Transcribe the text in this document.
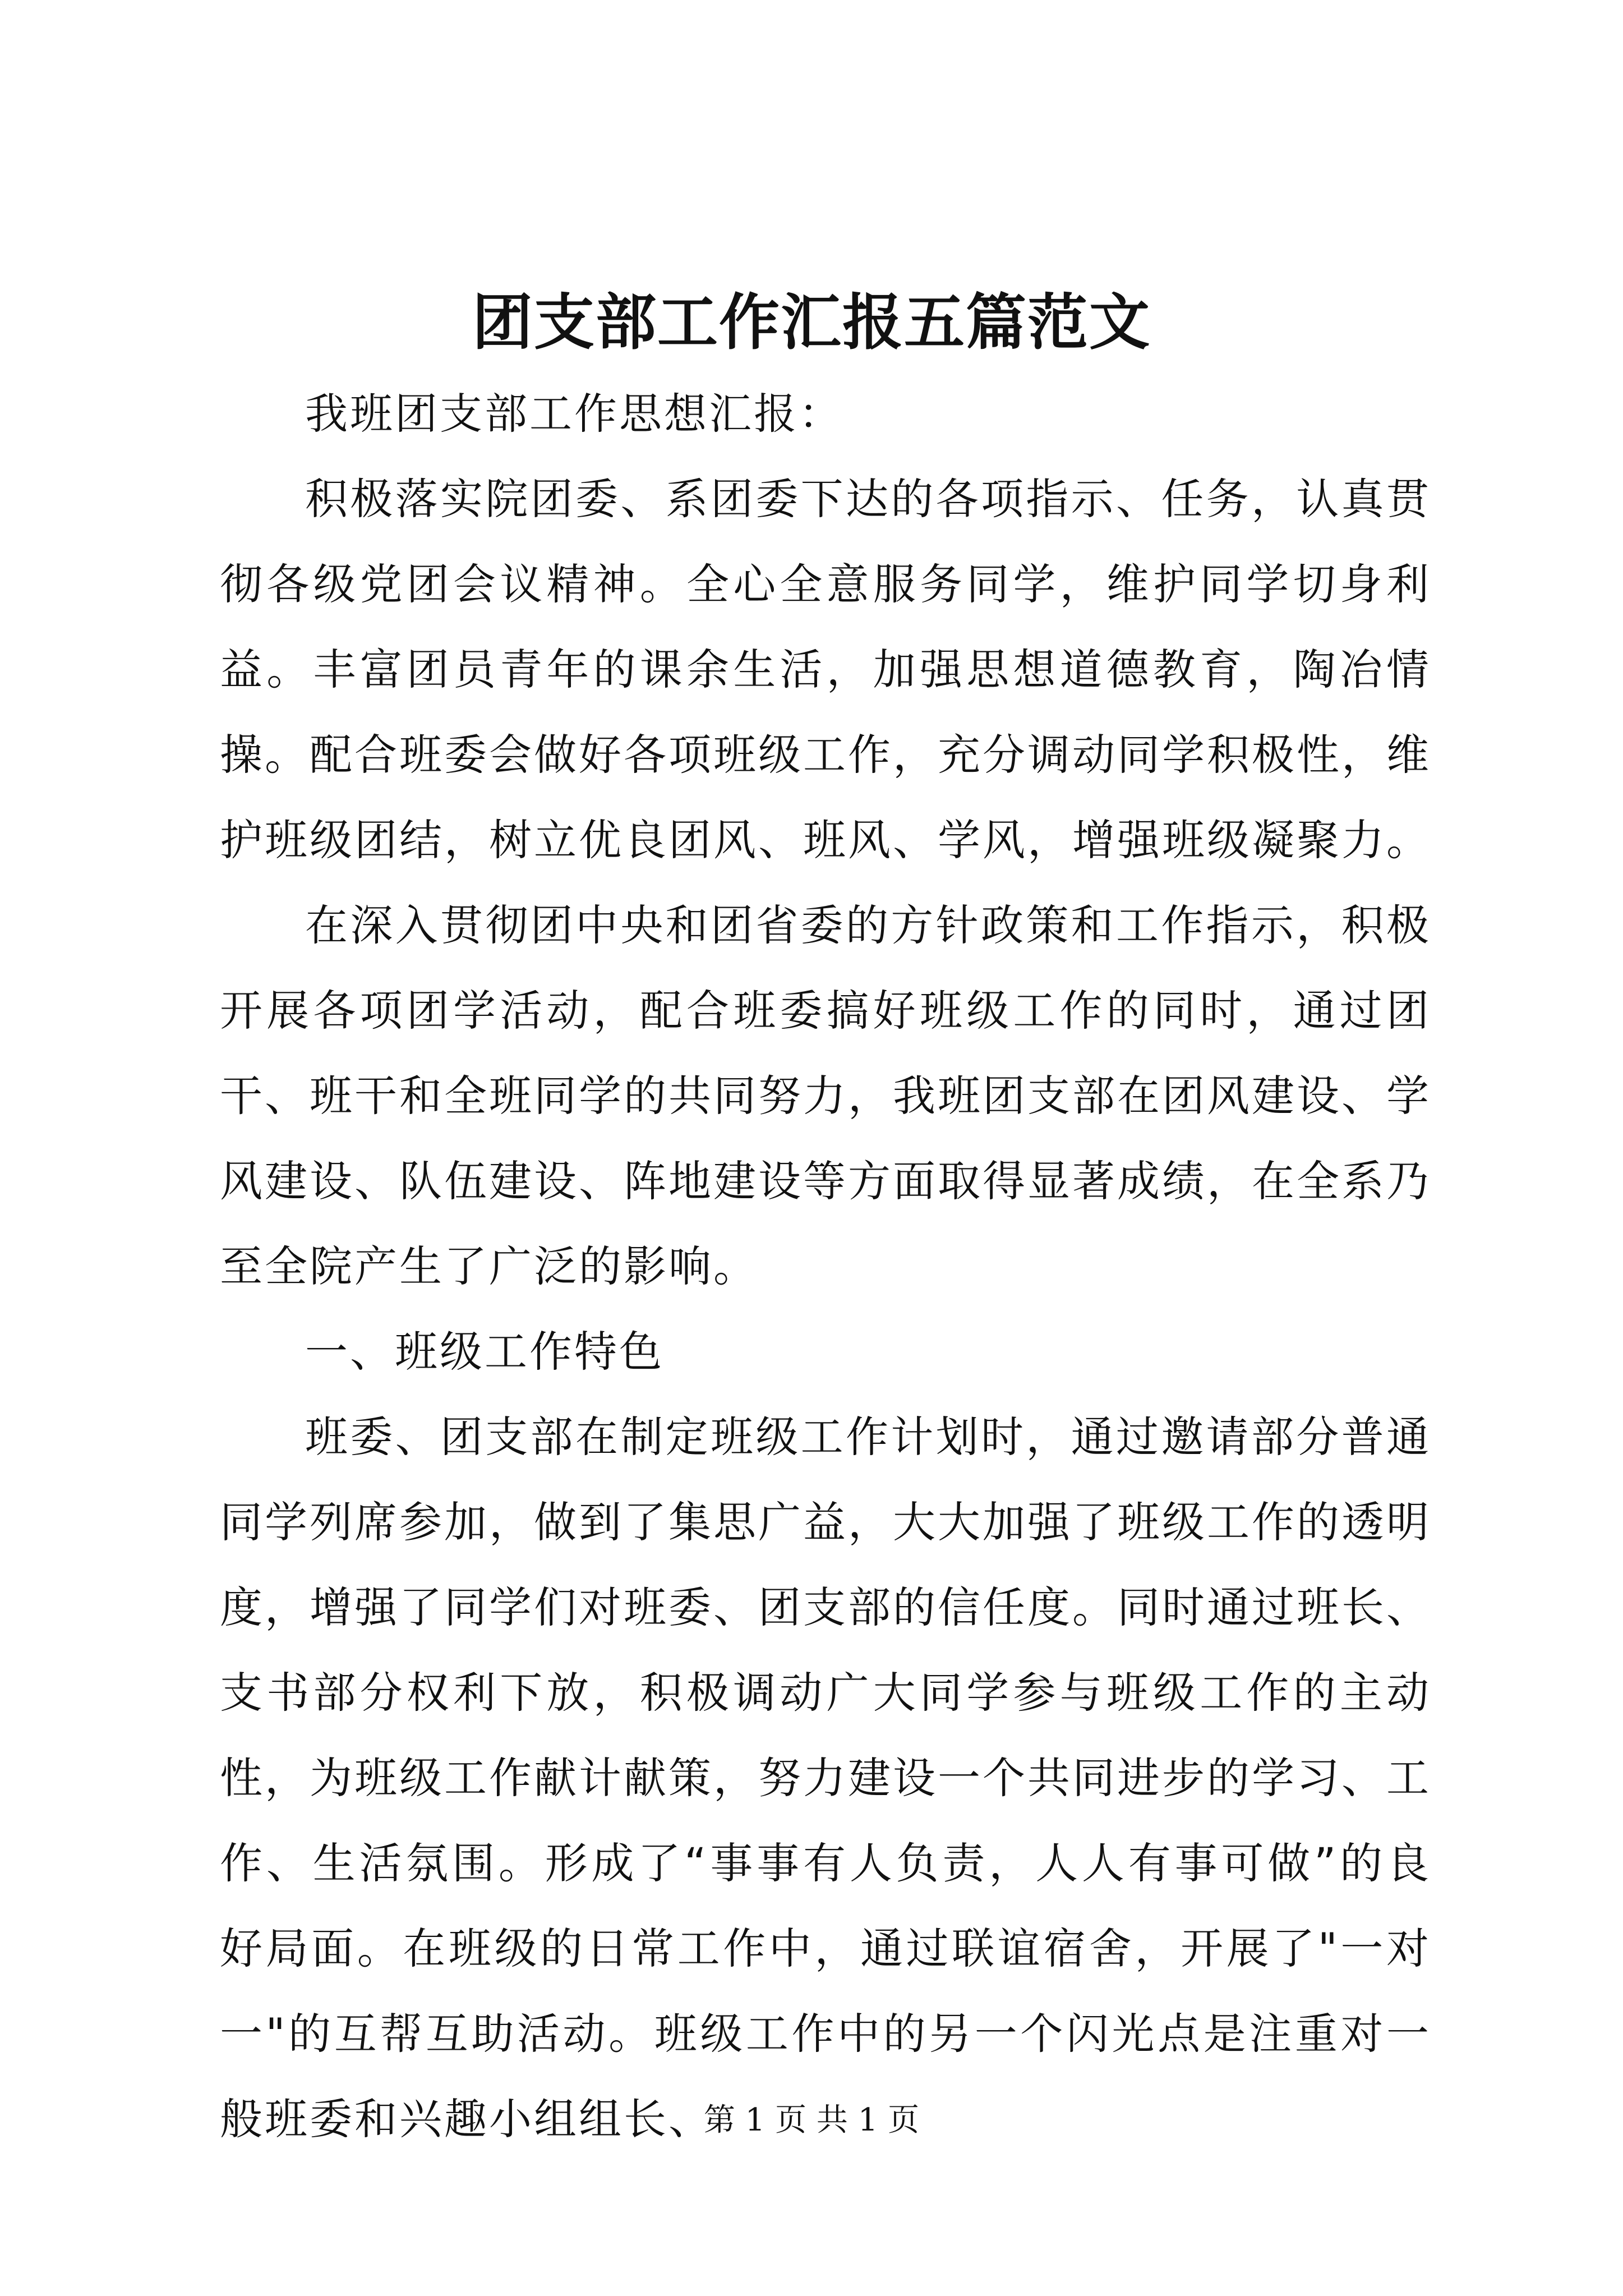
团支部工作汇报五篇范文

我班团支部工作思想汇报：

积极落实院团委、系团委下达的各项指示、任务，认真贯彻各级党团会议精神。全心全意服务同学，维护同学切身利益。丰富团员青年的课余生活，加强思想道德教育，陶冶情操。配合班委会做好各项班级工作，充分调动同学积极性，维护班级团结，树立优良团风、班风、学风，增强班级凝聚力。

在深入贯彻团中央和团省委的方针政策和工作指示，积极开展各项团学活动，配合班委搞好班级工作的同时，通过团干、班干和全班同学的共同努力，我班团支部在团风建设、学风建设、队伍建设、阵地建设等方面取得显著成绩，在全系乃至全院产生了广泛的影响。

一、班级工作特色

班委、团支部在制定班级工作计划时，通过邀请部分普通同学列席参加，做到了集思广益，大大加强了班级工作的透明度，增强了同学们对班委、团支部的信任度。同时通过班长、支书部分权利下放，积极调动广大同学参与班级工作的主动性，为班级工作献计献策，努力建设一个共同进步的学习、工作、生活氛围。形成了“事事有人负责，人人有事可做”的良好局面。在班级的日常工作中，通过联谊宿舍，开展了"一对一"的互帮互助活动。班级工作中的另一个闪光点是注重对一般班委和兴趣小组组长、

第 1 页 共 1 页
